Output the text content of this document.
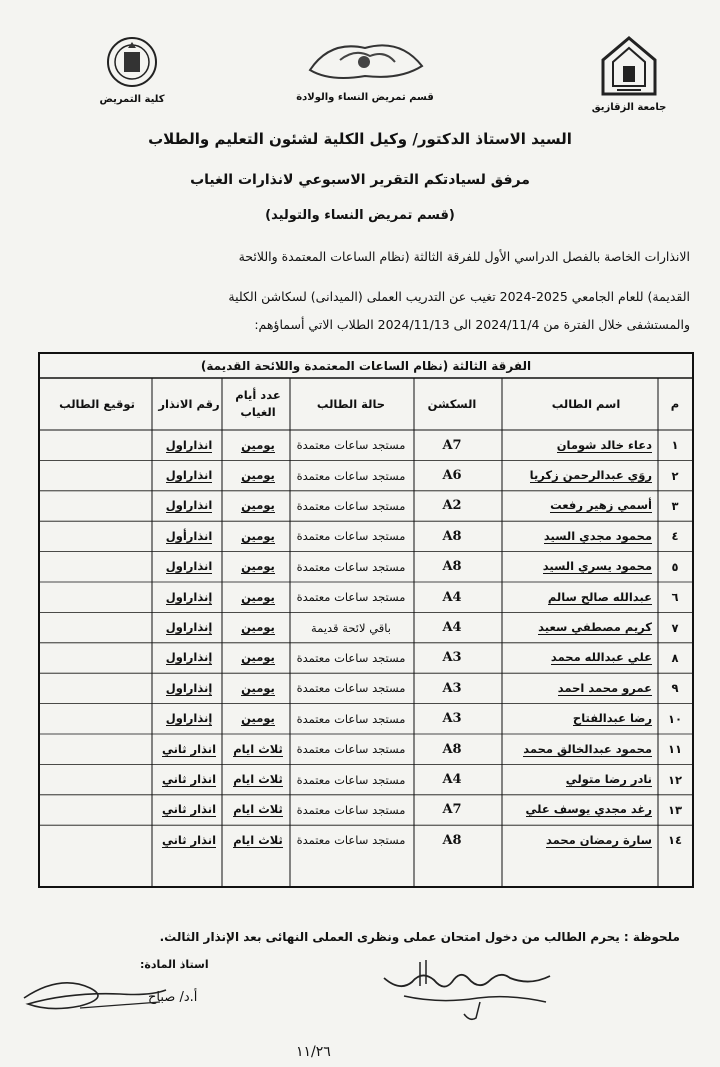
جامعة الزقازيق
قسم تمريض النساء والولادة
كلية التمريض
السيد الاستاذ الدكتور/ وكيل الكلية لشئون التعليم والطلاب
مرفق لسيادتكم التقرير الاسبوعي لانذارات الغياب
(قسم تمريض النساء والتوليد)
الانذارات الخاصة بالفصل الدراسي الأول للفرقة الثالثة (نظام الساعات المعتمدة واللائحة
القديمة) للعام الجامعي 2025-2024 تغيب عن التدريب العملى (الميدانى) لسكاشن الكلية
والمستشفى خلال الفترة من 2024/11/4 الى 2024/11/13 الطلاب الاتي أسماؤهم:
الفرقة الثالثة (نظام الساعات المعتمدة واللائحة القديمة)
م
اسم الطالب
السكشن
حالة الطالب
عدد أيام الغياب
رقم الانذار
توقيع الطالب
١
دعاء خالد شومان
A7
مستجد ساعات معتمدة
يومين
انذاراول
٢
روَي عبدالرحمن زكريا
A6
مستجد ساعات معتمدة
يومين
انذاراول
٣
أسمي زهير رفعت
A2
مستجد ساعات معتمدة
يومين
انذاراول
٤
محمود مجدي السيد
A8
مستجد ساعات معتمدة
يومين
انذارأول
٥
محمود يسري السيد
A8
مستجد ساعات معتمدة
يومين
انذاراول
٦
عبدالله صالح سالم
A4
مستجد ساعات معتمدة
يومين
إنذاراول
٧
كريم مصطفي سعيد
A4
باقي لائحة قديمة
يومين
إنذاراول
٨
علي عبدالله محمد
A3
مستجد ساعات معتمدة
يومين
إنذاراول
٩
عمرو محمد احمد
A3
مستجد ساعات معتمدة
يومين
إنذاراول
١٠
رضا عبدالفتاح
A3
مستجد ساعات معتمدة
يومين
إنذاراول
١١
محمود عبدالخالق محمد
A8
مستجد ساعات معتمدة
ثلاث ايام
انذار ثاني
١٢
نادر رضا متولي
A4
مستجد ساعات معتمدة
ثلاث ايام
انذار ثاني
١٣
رغد مجدي يوسف علي
A7
مستجد ساعات معتمدة
ثلاث ايام
انذار ثاني
١٤
سارة رمضان محمد
A8
مستجد ساعات معتمدة
ثلاث ايام
انذار ثاني
ملحوظة : يحرم الطالب من دخول امتحان عملى ونظرى العملى النهائى بعد الإنذار الثالث.
استاذ المادة:
أ.د/ صباح
١١/٢٦
